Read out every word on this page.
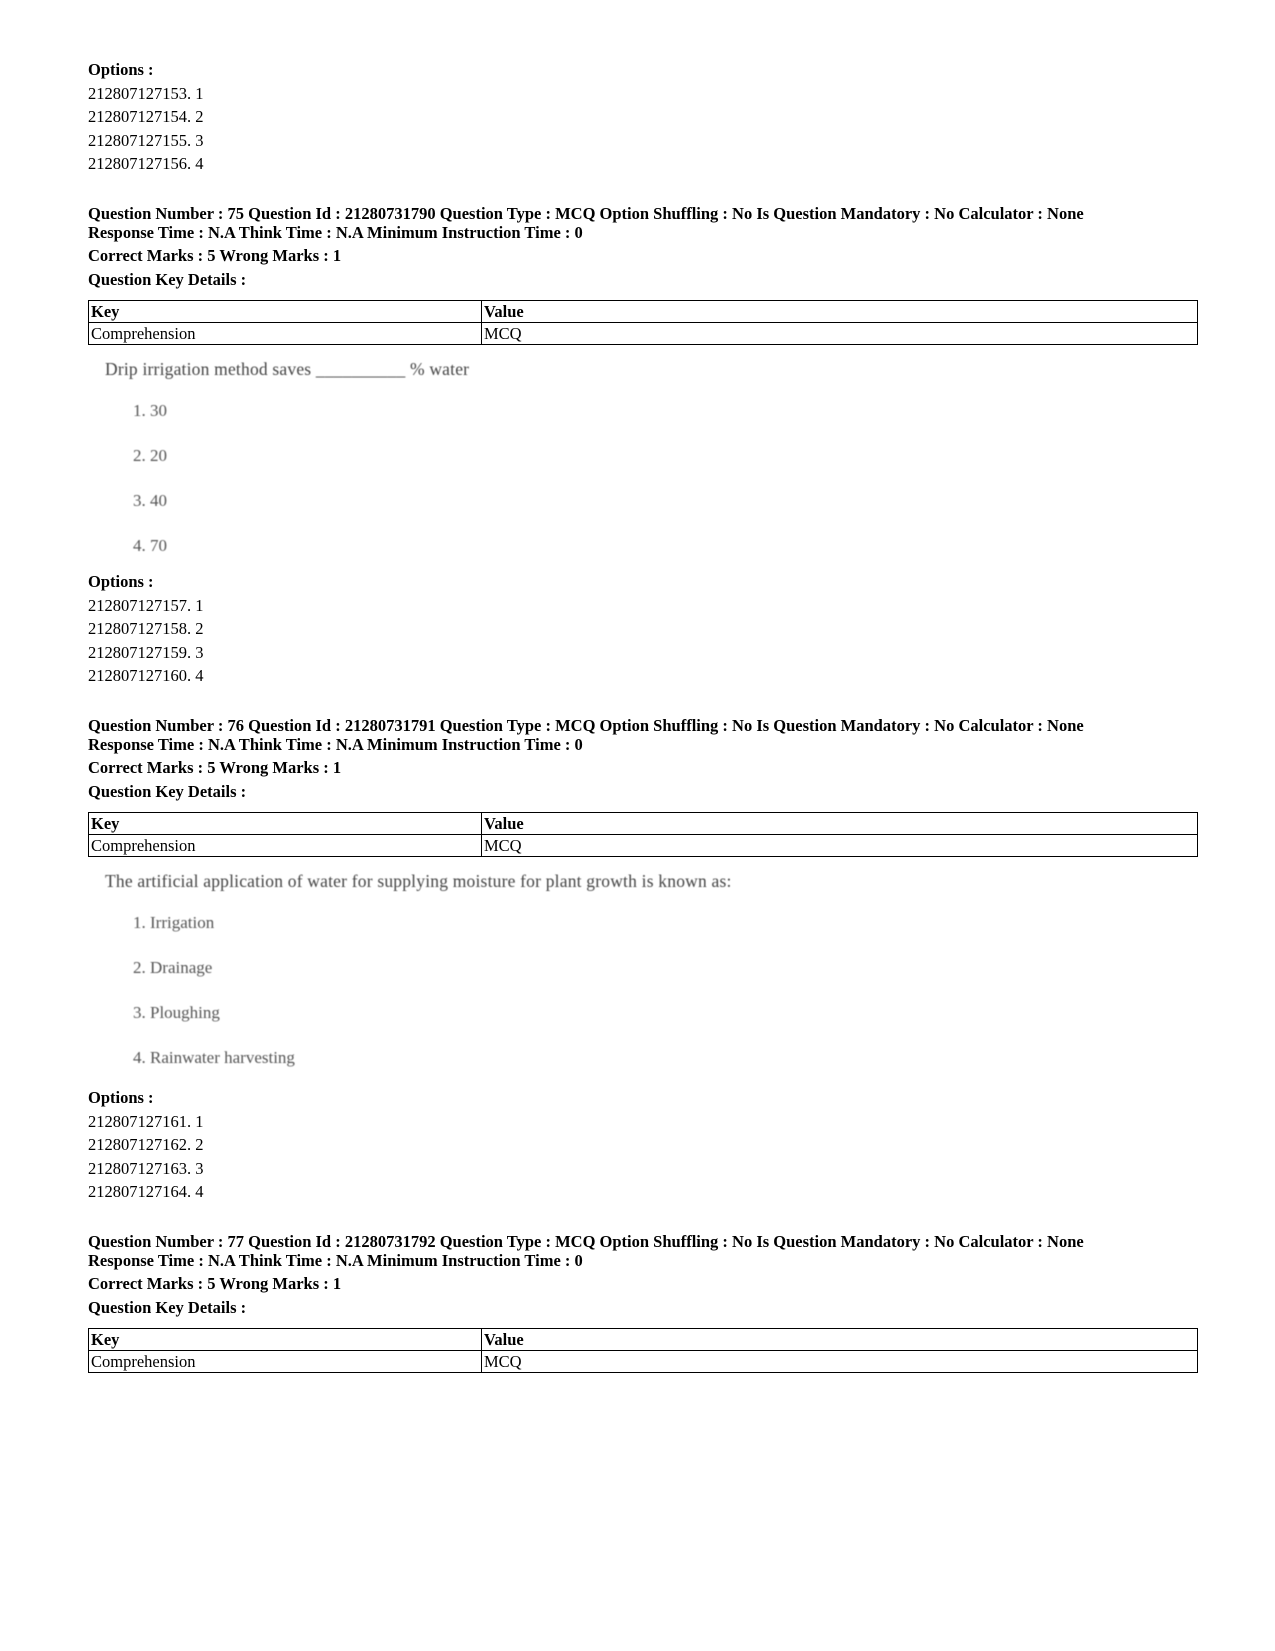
Options :
212807127153. 1
212807127154. 2
212807127155. 3
212807127156. 4
Question Number : 75 Question Id : 21280731790 Question Type : MCQ Option Shuffling : No Is Question Mandatory : No Calculator : None
Response Time : N.A Think Time : N.A Minimum Instruction Time : 0
Correct Marks : 5 Wrong Marks : 1
Question Key Details :
Key	Value
Comprehension	MCQ
Drip irrigation method saves __________ % water
1. 30
2. 20
3. 40
4. 70
Options :
212807127157. 1
212807127158. 2
212807127159. 3
212807127160. 4
Question Number : 76 Question Id : 21280731791 Question Type : MCQ Option Shuffling : No Is Question Mandatory : No Calculator : None
Response Time : N.A Think Time : N.A Minimum Instruction Time : 0
Correct Marks : 5 Wrong Marks : 1
Question Key Details :
Key	Value
Comprehension	MCQ
The artificial application of water for supplying moisture for plant growth is known as:
1. Irrigation
2. Drainage
3. Ploughing
4. Rainwater harvesting
Options :
212807127161. 1
212807127162. 2
212807127163. 3
212807127164. 4
Question Number : 77 Question Id : 21280731792 Question Type : MCQ Option Shuffling : No Is Question Mandatory : No Calculator : None
Response Time : N.A Think Time : N.A Minimum Instruction Time : 0
Correct Marks : 5 Wrong Marks : 1
Question Key Details :
Key	Value
Comprehension	MCQ
